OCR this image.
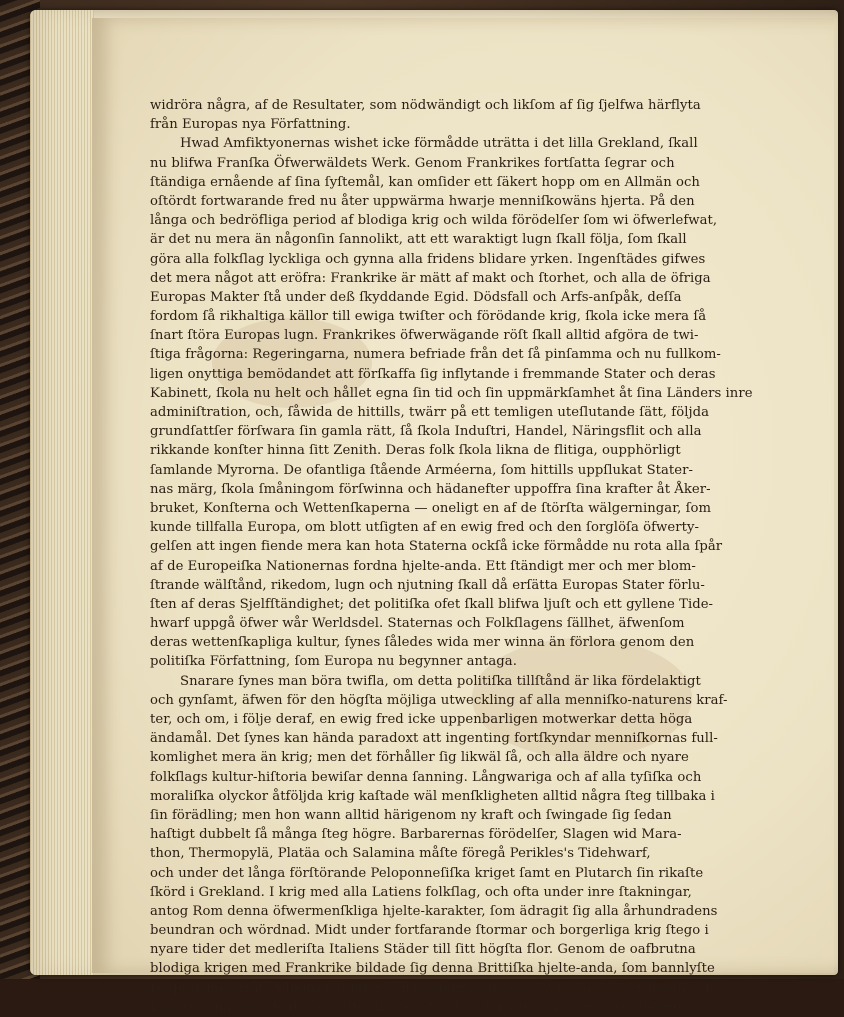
widröra några, af de Resultater, som nödwändigt och likſom af ſig ſjelfwa härflyta
från Europas nya Författning.
Hwad Amfiktyonernas wishet icke förmådde uträtta i det lilla Grekland, ſkall
nu blifwa Franſka Öfwerwäldets Werk. Genom Frankrikes fortſatta ſegrar och
ſtändiga ernående af ſina ſyſtemål, kan omſider ett ſäkert hopp om en Allmän och
oſtördt fortwarande fred nu åter uppwärma hwarje menniſkowäns hjerta. På den
långa och bedröfliga period af blodiga krig och wilda förödelſer ſom wi öfwerlefwat,
är det nu mera än någonſin ſannolikt, att ett waraktigt lugn ſkall följa, ſom ſkall
göra alla folkſlag lyckliga och gynna alla fridens blidare yrken. Ingenſtädes gifwes
det mera något att eröfra: Frankrike är mätt af makt och ſtorhet, och alla de öfriga
Europas Makter ſtå under deß ſkyddande Egid. Dödsfall och Arfs-anſpåk, deſſa
fordom ſå rikhaltiga källor till ewiga twiſter och förödande krig, ſkola icke mera ſå
ſnart ſtöra Europas lugn. Frankrikes öfwerwägande röſt ſkall alltid afgöra de twi-
ſtiga frågorna: Regeringarna, numera befriade från det ſå pinſamma och nu fullkom-
ligen onyttiga bemödandet att förſkaffa ſig inflytande i fremmande Stater och deras
Kabinett, ſkola nu helt och hållet egna ſin tid och ſin uppmärkſamhet åt ſina Länders inre
adminiſtration, och, ſåwida de hittills, twärr på ett temligen uteſlutande ſätt, följda
grundſattſer förſwara ſin gamla rätt, ſå ſkola Induſtri, Handel, Näringsflit och alla
rikkande konſter hinna ſitt Zenith. Deras folk ſkola likna de flitiga, oupphörligt
ſamlande Myrorna. De ofantliga ſtående Arméerna, ſom hittills uppſlukat Stater-
nas märg, ſkola ſmåningom förſwinna och hädanefter uppoffra ſina krafter åt Åker-
bruket, Konſterna och Wettenſkaperna — oneligt en af de ſtörſta wälgerningar, ſom
kunde tillfalla Europa, om blott utſigten af en ewig fred och den ſorglöſa öfwerty-
gelſen att ingen fiende mera kan hota Staterna ockſå icke förmådde nu rota alla ſpår
af de Europeiſka Nationernas fordna hjelte-anda. Ett ſtändigt mer och mer blom-
ſtrande wälſtånd, rikedom, lugn och njutning ſkall då erſätta Europas Stater förlu-
ſten af deras Sjelfſtändighet; det politiſka ofet ſkall blifwa ljuſt och ett gyllene Tide-
hwarf uppgå öfwer wår Werldsdel. Staternas och Folkſlagens ſällhet, äfwenſom
deras wettenſkapliga kultur, ſynes ſåledes wida mer winna än förlora genom den
politiſka Författning, ſom Europa nu begynner antaga.
Snarare ſynes man böra twifla, om detta politiſka tillſtånd är lika fördelaktigt
och gynſamt, äfwen för den högſta möjliga utweckling af alla menniſko-naturens kraf-
ter, och om, i följe deraf, en ewig fred icke uppenbarligen motwerkar detta höga
ändamål. Det ſynes kan hända paradoxt att ingenting fortſkyndar menniſkornas full-
komlighet mera än krig; men det förhåller ſig likwäl ſå, och alla äldre och nyare
folkſlags kultur-hiſtoria bewiſar denna ſanning. Långwariga och af alla tyſiſka och
moraliſka olyckor åtföljda krig kaſtade wäl menſkligheten alltid några ſteg tillbaka i
ſin förädling; men hon wann alltid härigenom ny kraft och ſwingade ſig ſedan
haſtigt dubbelt ſå många ſteg högre. Barbarernas förödelſer, Slagen wid Mara-
thon, Thermopylä, Platäa och Salamina måſte föregå Perikles's Tidehwarf,
och under det långa förſtörande Peloponneſiſka kriget ſamt en Plutarch ſin rikaſte
ſkörd i Grekland. I krig med alla Latiens folkſlag, och ofta under inre ſtakningar,
antog Rom denna öfwermenſkliga hjelte-karakter, ſom ädragit ſig alla århundradens
beundran och wördnad. Midt under fortfarande ſtormar och borgerliga krig ſtego i
nyare tider det medleriſta Italiens Städer till ſitt högſta flor. Genom de oafbrutna
blodiga krigen med Frankrike bildade ſig denna Brittiſka hjelte-anda, ſom bannlyſte
Deſpotismen från Albions ſtränder och på denna långe ſå lyckliga Ö åt Friheten och
Lagarna upprättade de ſkönaſte Altaren. Midt under fruktanswärda, ſekel-långa
